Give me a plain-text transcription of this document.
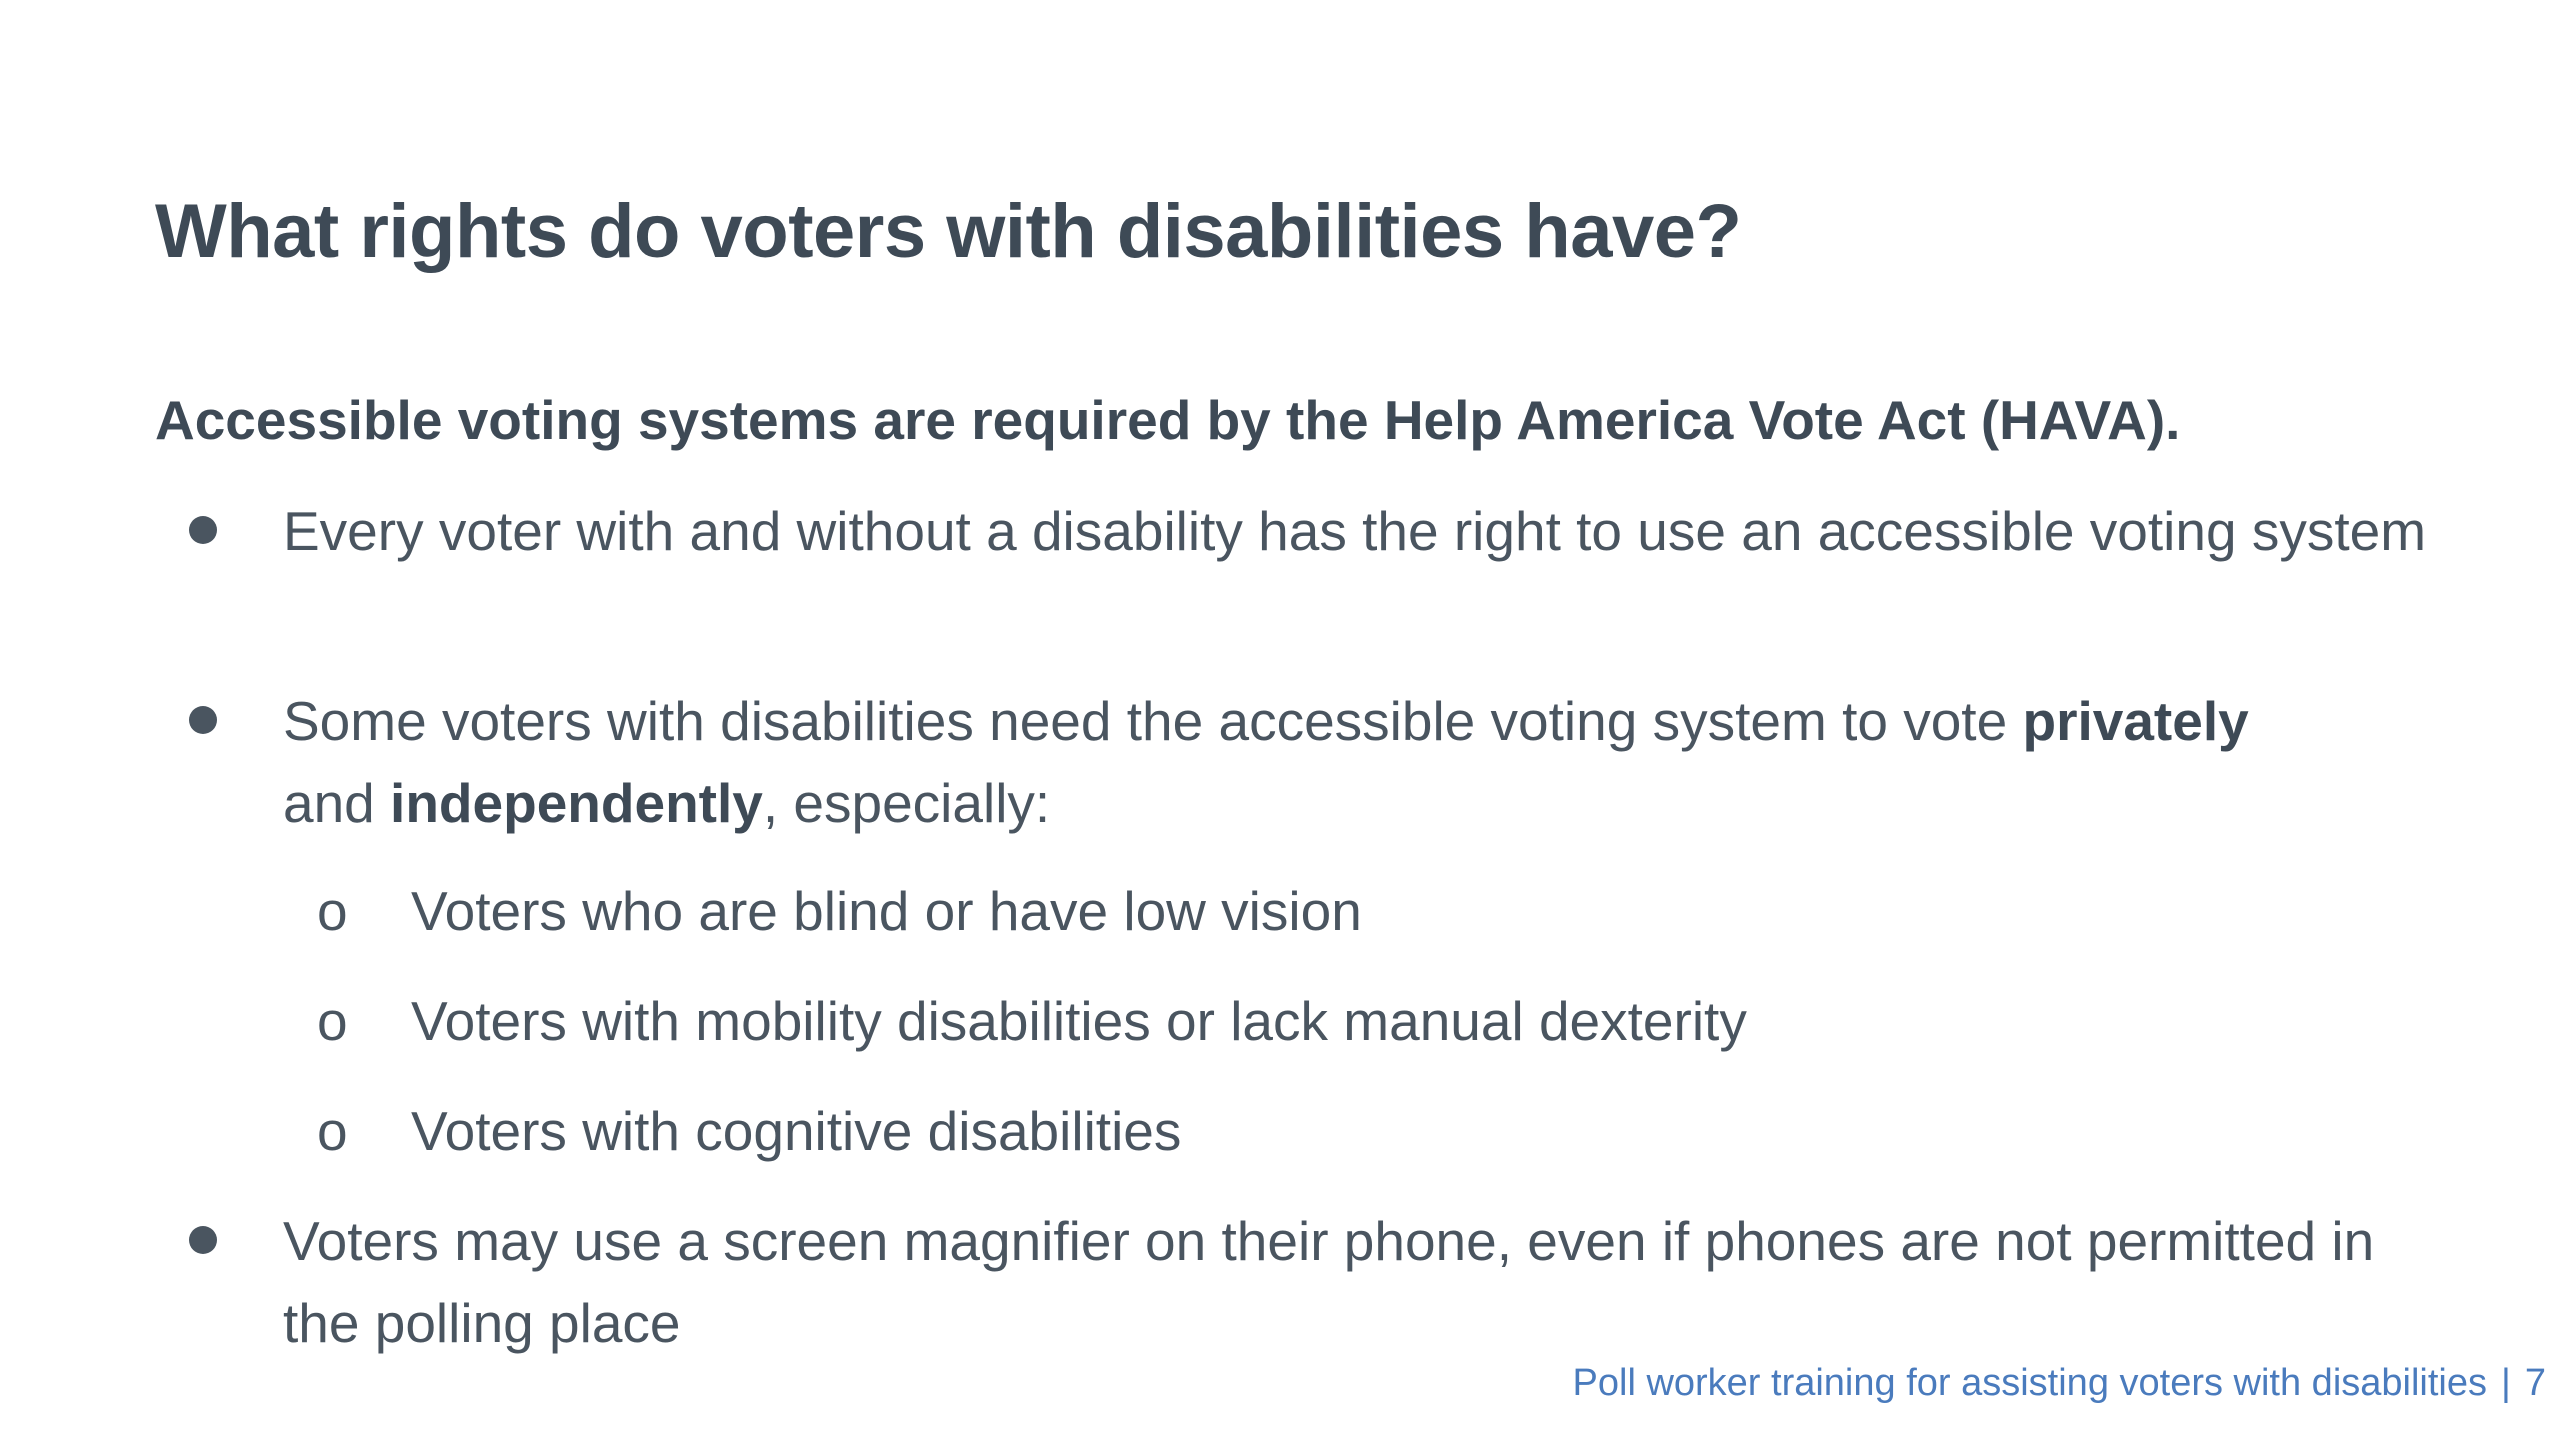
What rights do voters with disabilities have?

Accessible voting systems are required by the Help America Vote Act (HAVA).

Every voter with and without a disability has the right to use an accessible voting system
Some voters with disabilities need the accessible voting system to vote privately
and independently, especially:
o Voters who are blind or have low vision
o Voters with mobility disabilities or lack manual dexterity
o Voters with cognitive disabilities
Voters may use a screen magnifier on their phone, even if phones are not permitted in the polling place
Poll worker training for assisting voters with disabilities | 7
